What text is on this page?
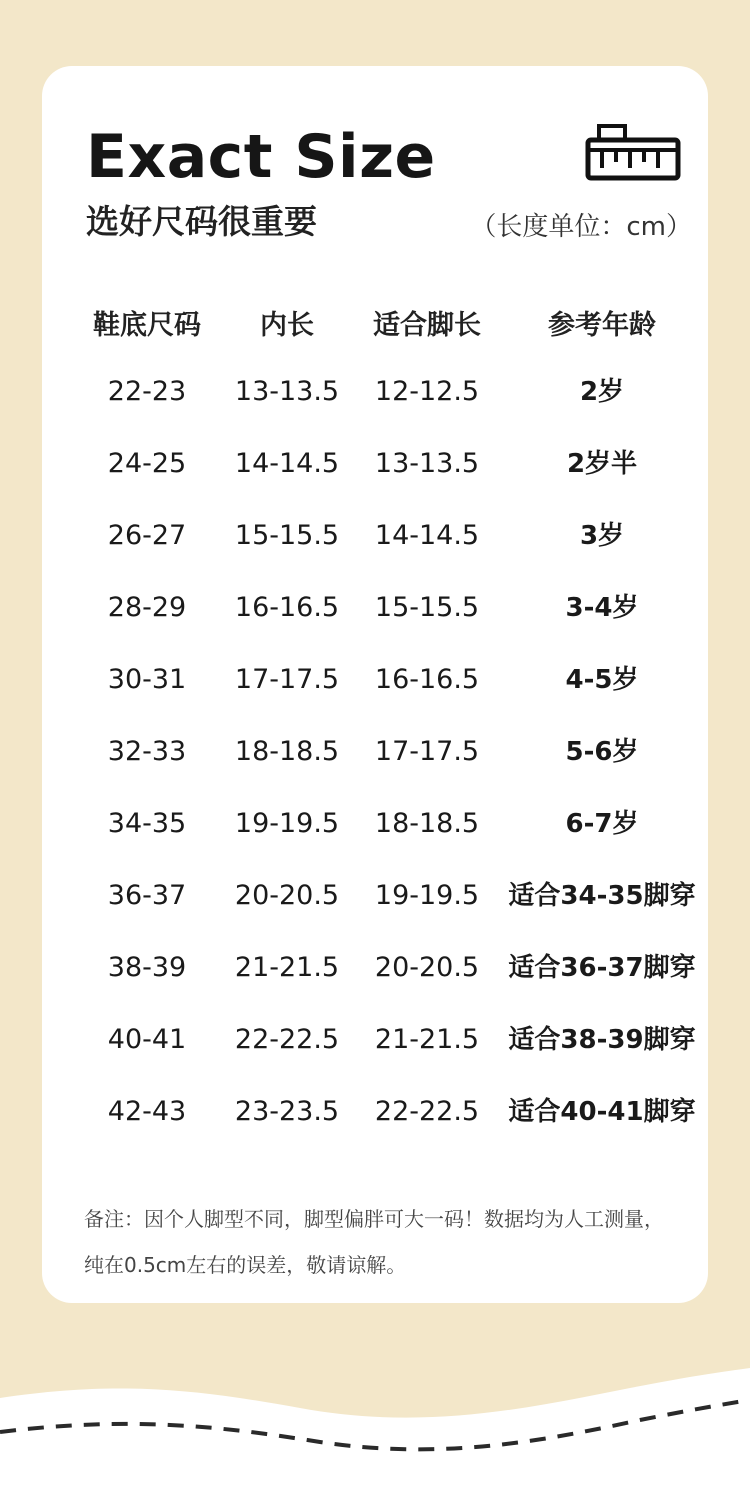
Exact Size
选好尺码很重要	（长度单位：cm）
鞋底尺码	内长	适合脚长	参考年龄
22-23	13-13.5	12-12.5	2岁
24-25	14-14.5	13-13.5	2岁半
26-27	15-15.5	14-14.5	3岁
28-29	16-16.5	15-15.5	3-4岁
30-31	17-17.5	16-16.5	4-5岁
32-33	18-18.5	17-17.5	5-6岁
34-35	19-19.5	18-18.5	6-7岁
36-37	20-20.5	19-19.5	适合34-35脚穿
38-39	21-21.5	20-20.5	适合36-37脚穿
40-41	22-22.5	21-21.5	适合38-39脚穿
42-43	23-23.5	22-22.5	适合40-41脚穿
备注：因个人脚型不同，脚型偏胖可大一码！数据均为人工测量，
纯在0.5cm左右的误差，敬请谅解。
